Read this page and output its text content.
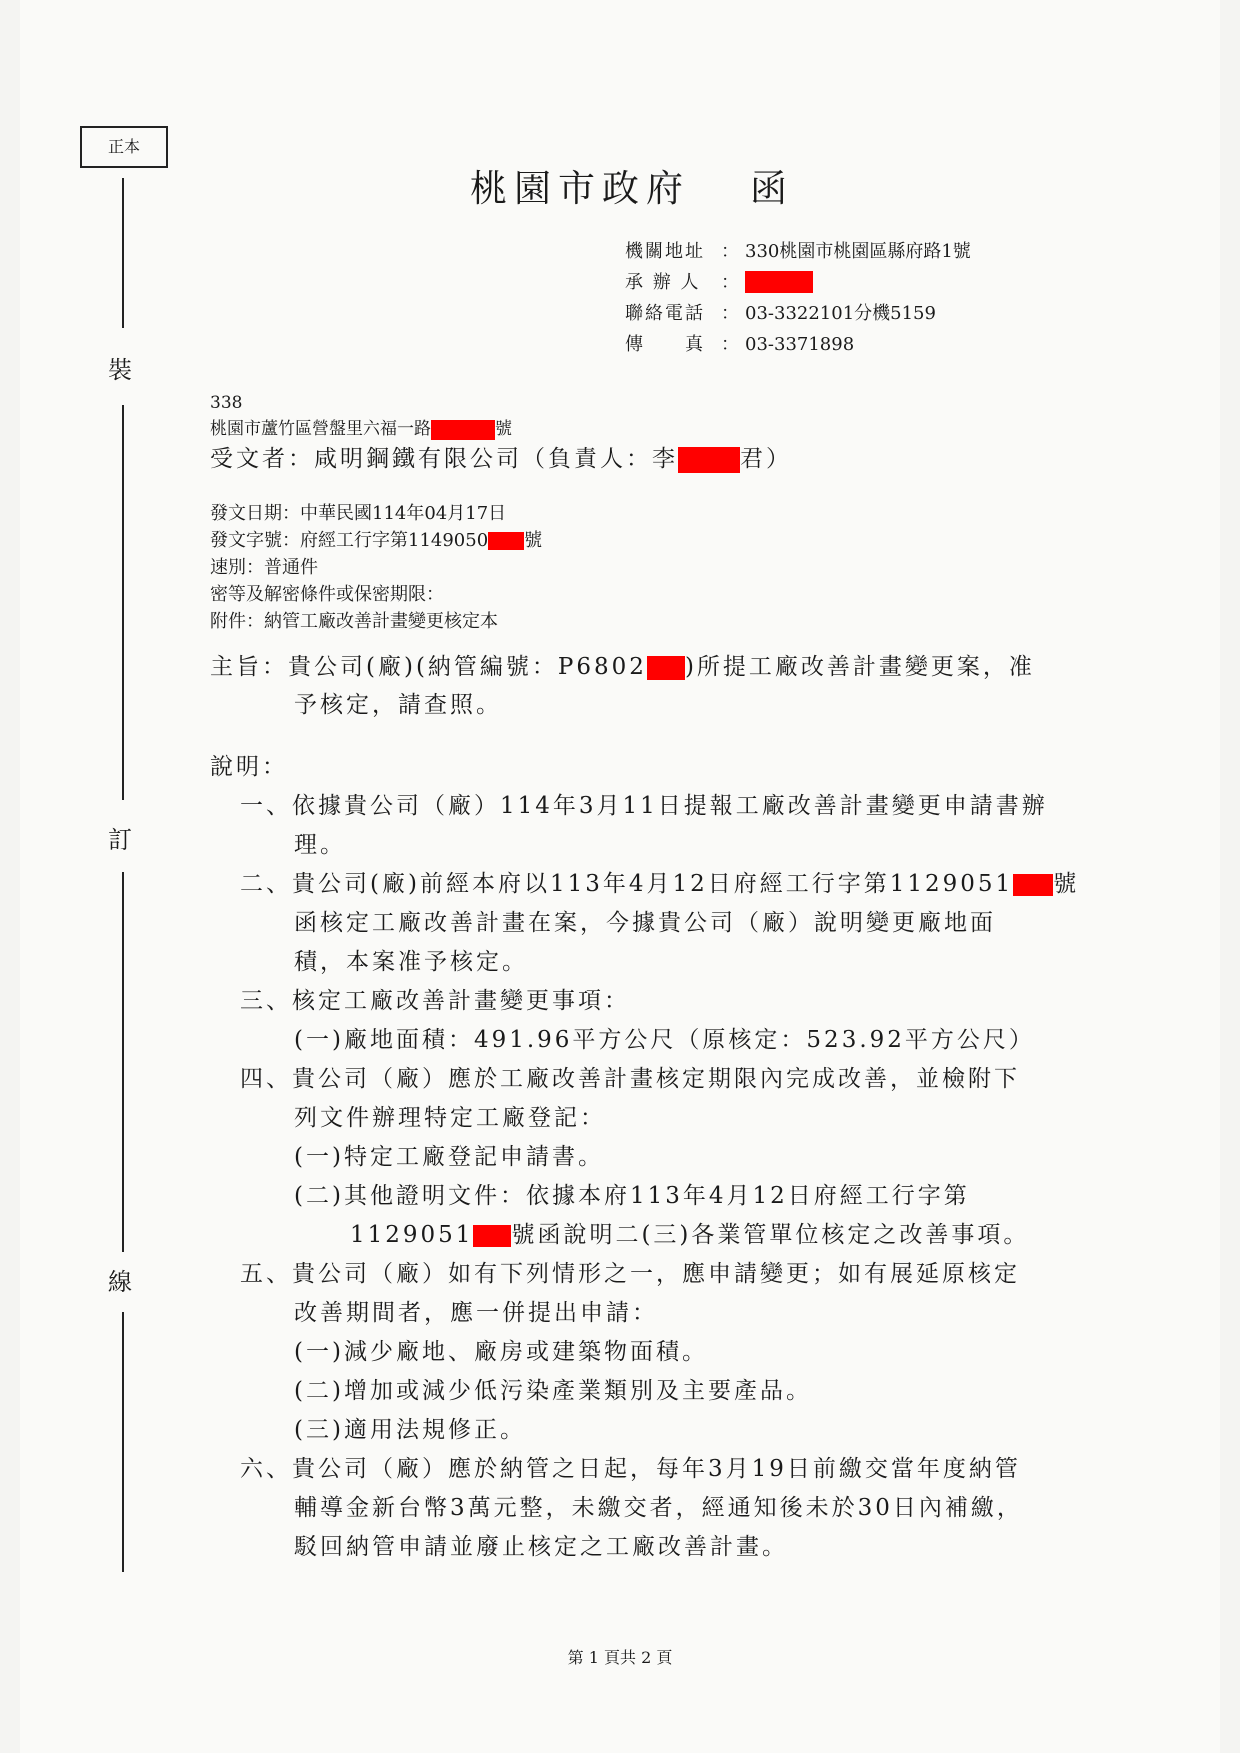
正本
裝
訂
線
桃園市政府 函
機關地址 ： 330桃園市桃園區縣府路1號
承 辦 人	：
聯絡電話 ： 03-3322101分機5159
傳　　真 ： 03-3371898
338
桃園市蘆竹區營盤里六福一路	號
受文者：咸明鋼鐵有限公司（負責人：李	君）
發文日期：中華民國114年04月17日
發文字號：府經工行字第1149050 號
速別：普通件
密等及解密條件或保密期限：
附件：納管工廠改善計畫變更核定本
主旨：貴公司(廠)(納管編號：P6802 )所提工廠改善計畫變更案，准
予核定，請查照。
說明：
一、依據貴公司（廠）114年3月11日提報工廠改善計畫變更申請書辦
理。
二、貴公司(廠)前經本府以113年4月12日府經工行字第1129051 號
函核定工廠改善計畫在案，今據貴公司（廠）說明變更廠地面
積，本案准予核定。
三、核定工廠改善計畫變更事項：
(一)廠地面積：491.96平方公尺（原核定：523.92平方公尺）
四、貴公司（廠）應於工廠改善計畫核定期限內完成改善，並檢附下
列文件辦理特定工廠登記：
(一)特定工廠登記申請書。
(二)其他證明文件：依據本府113年4月12日府經工行字第
1129051 號函說明二(三)各業管單位核定之改善事項。
五、貴公司（廠）如有下列情形之一，應申請變更；如有展延原核定
改善期間者，應一併提出申請：
(一)減少廠地、廠房或建築物面積。
(二)增加或減少低污染產業類別及主要產品。
(三)適用法規修正。
六、貴公司（廠）應於納管之日起，每年3月19日前繳交當年度納管
輔導金新台幣3萬元整，未繳交者，經通知後未於30日內補繳，
駁回納管申請並廢止核定之工廠改善計畫。
第 1 頁共 2 頁
